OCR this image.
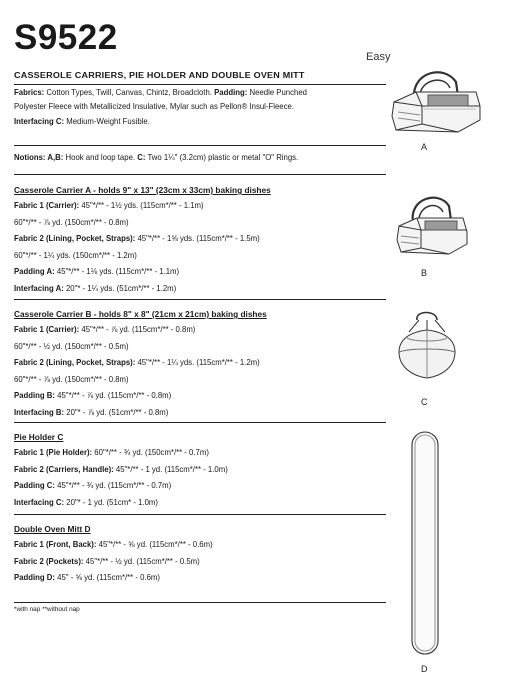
S9522	Easy
CASSEROLE CARRIERS, PIE HOLDER AND DOUBLE OVEN MITT
Fabrics: Cotton Types, Twill, Canvas, Chintz, Broadcloth. Padding: Needle Punched
Polyester Fleece with Metallicized Insulative, Mylar such as Pellon® Insul-Fleece.
Interfacing C: Medium-Weight Fusible.
Notions: A,B: Hook and loop tape. C: Two 1¼" (3.2cm) plastic or metal "O" Rings.
Casserole Carrier A - holds 9" x 13" (23cm x 33cm) baking dishes
Fabric 1 (Carrier): 45"*/** - 1½ yds. (115cm*/** - 1.1m)
60"*/** - ⅞ yd. (150cm*/** - 0.8m)
Fabric 2 (Lining, Pocket, Straps): 45"*/** - 1⅝ yds. (115cm*/** - 1.5m)
60"*/** - 1¼ yds. (150cm*/** - 1.2m)
Padding A: 45"*/** - 1⅛ yds. (115cm*/** - 1.1m)
Interfacing A: 20"* - 1¼ yds. (51cm*/** - 1.2m)
Casserole Carrier B - holds 8" x 8" (21cm x 21cm) baking dishes
Fabric 1 (Carrier): 45"*/** - ⅞ yd. (115cm*/** - 0.8m)
60"*/** - ½ yd. (150cm*/** - 0.5m)
Fabric 2 (Lining, Pocket, Straps): 45"*/** - 1¼ yds. (115cm*/** - 1.2m)
60"*/** - ⅞ yd. (150cm*/** - 0.8m)
Padding B: 45"*/** - ⅞ yd. (115cm*/** - 0.8m)
Interfacing B: 20"* - ⅞ yd. (51cm*/** - 0.8m)
Pie Holder C
Fabric 1 (Pie Holder): 60"*/** - ¾ yd. (150cm*/** - 0.7m)
Fabric 2 (Carriers, Handle): 45"*/** - 1 yd. (115cm*/** - 1.0m)
Padding C: 45"*/** - ¾ yd. (115cm*/** - 0.7m)
Interfacing C: 20"* - 1 yd. (51cm* - 1.0m)
Double Oven Mitt D
Fabric 1 (Front, Back): 45"*/** - ⅝ yd. (115cm*/** - 0.6m)
Fabric 2 (Pockets): 45"*/** - ½ yd. (115cm*/** - 0.5m)
Padding D: 45" - ⅝ yd. (115cm*/** - 0.6m)
*with nap **without nap
A
B
C
D
